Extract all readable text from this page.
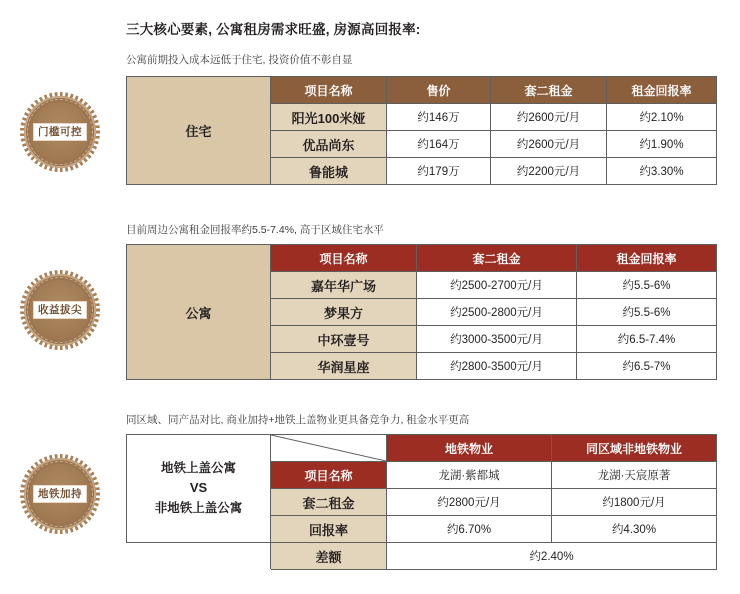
三大核心要素, 公寓租房需求旺盛, 房源高回报率:
公寓前期投入成本远低于住宅, 投资价值不彰自显
目前周边公寓租金回报率约5.5-7.4%, 高于区域住宅水平
同区域、同产品对比, 商业加持+地铁上盖物业更具备竞争力, 租金水平更高
门槛可控
收益拔尖
地铁加持
住宅	项目名称	售价	套二租金	租金回报率
	阳光100米娅	约146万	约2600元/月	约2.10%
	优品尚东	约164万	约2600元/月	约1.90%
	鲁能城	约179万	约2200元/月	约3.30%
公寓	项目名称	套二租金	租金回报率
	嘉年华广场	约2500-2700元/月	约5.5-6%
	梦果方	约2500-2800元/月	约5.5-6%
	中环壹号	约3000-3500元/月	约6.5-7.4%
	华润星座	约2800-3500元/月	约6.5-7%
地铁上盖公寓
VS
非地铁上盖公寓		地铁物业	同区域非地铁物业
	项目名称	龙湖·紫都城	龙湖·天宸原著
	套二租金	约2800元/月	约1800元/月
	回报率	约6.70%	约4.30%
	差额	约2.40%	
